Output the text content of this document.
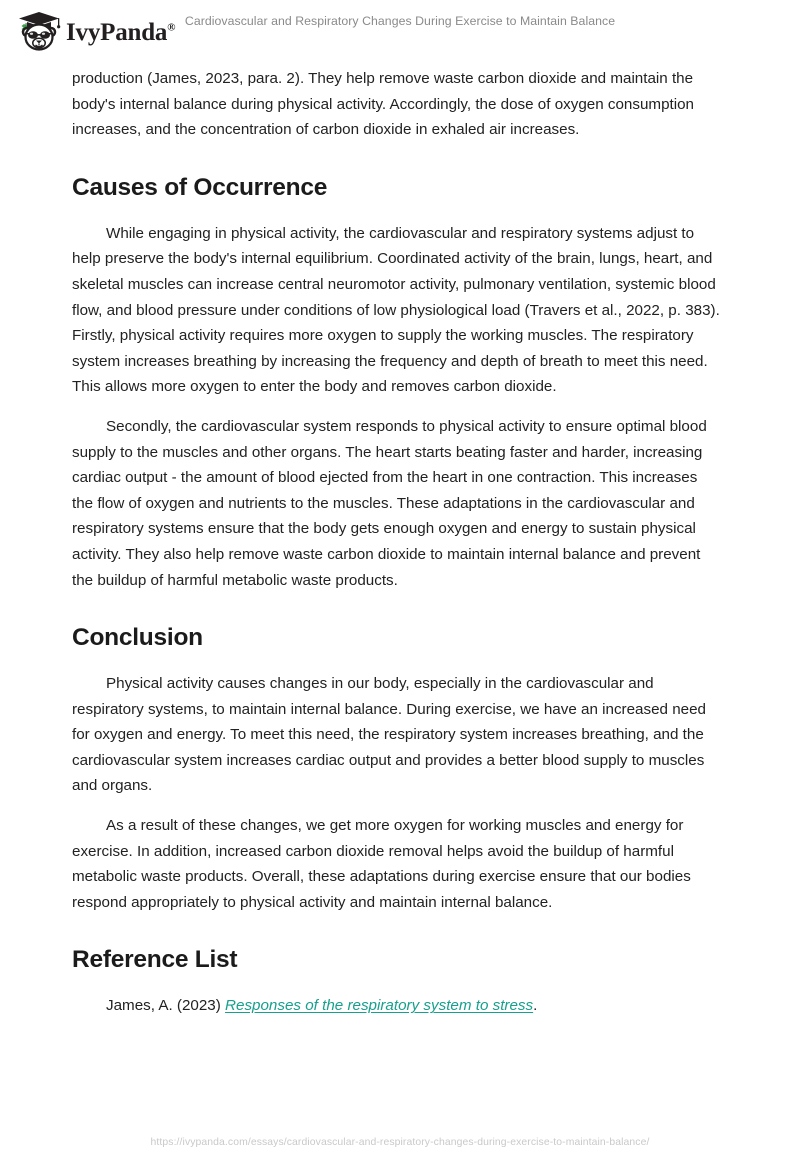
IvyPanda® Cardiovascular and Respiratory Changes During Exercise to Maintain Balance

production (James, 2023, para. 2). They help remove waste carbon dioxide and maintain the body's internal balance during physical activity. Accordingly, the dose of oxygen consumption increases, and the concentration of carbon dioxide in exhaled air increases.

Causes of Occurrence

While engaging in physical activity, the cardiovascular and respiratory systems adjust to help preserve the body's internal equilibrium. Coordinated activity of the brain, lungs, heart, and skeletal muscles can increase central neuromotor activity, pulmonary ventilation, systemic blood flow, and blood pressure under conditions of low physiological load (Travers et al., 2022, p. 383). Firstly, physical activity requires more oxygen to supply the working muscles. The respiratory system increases breathing by increasing the frequency and depth of breath to meet this need. This allows more oxygen to enter the body and removes carbon dioxide.

Secondly, the cardiovascular system responds to physical activity to ensure optimal blood supply to the muscles and other organs. The heart starts beating faster and harder, increasing cardiac output - the amount of blood ejected from the heart in one contraction. This increases the flow of oxygen and nutrients to the muscles. These adaptations in the cardiovascular and respiratory systems ensure that the body gets enough oxygen and energy to sustain physical activity. They also help remove waste carbon dioxide to maintain internal balance and prevent the buildup of harmful metabolic waste products.

Conclusion

Physical activity causes changes in our body, especially in the cardiovascular and respiratory systems, to maintain internal balance. During exercise, we have an increased need for oxygen and energy. To meet this need, the respiratory system increases breathing, and the cardiovascular system increases cardiac output and provides a better blood supply to muscles and organs.

As a result of these changes, we get more oxygen for working muscles and energy for exercise. In addition, increased carbon dioxide removal helps avoid the buildup of harmful metabolic waste products. Overall, these adaptations during exercise ensure that our bodies respond appropriately to physical activity and maintain internal balance.

Reference List

James, A. (2023) Responses of the respiratory system to stress.

https://ivypanda.com/essays/cardiovascular-and-respiratory-changes-during-exercise-to-maintain-balance/
